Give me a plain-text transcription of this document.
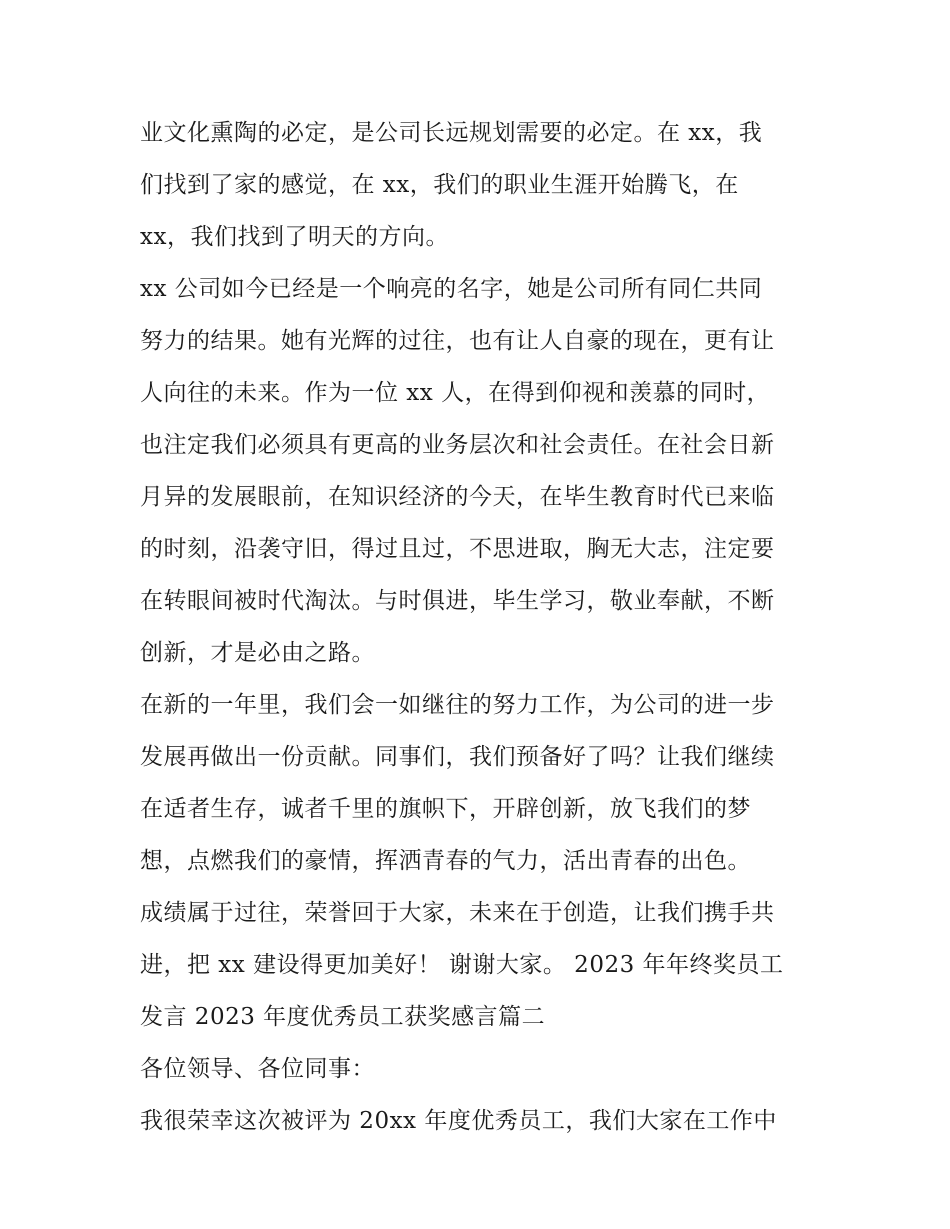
业文化熏陶的必定，是公司长远规划需要的必定。在 xx，我
们找到了家的感觉，在 xx，我们的职业生涯开始腾飞，在
xx，我们找到了明天的方向。
xx 公司如今已经是一个响亮的名字，她是公司所有同仁共同
努力的结果。她有光辉的过往，也有让人自豪的现在，更有让
人向往的未来。作为一位 xx 人，在得到仰视和羡慕的同时，
也注定我们必须具有更高的业务层次和社会责任。在社会日新
月异的发展眼前，在知识经济的今天，在毕生教育时代已来临
的时刻，沿袭守旧，得过且过，不思进取，胸无大志，注定要
在转眼间被时代淘汰。与时俱进，毕生学习，敬业奉献，不断
创新，才是必由之路。
在新的一年里，我们会一如继往的努力工作，为公司的进一步
发展再做出一份贡献。同事们，我们预备好了吗？让我们继续
在适者生存，诚者千里的旗帜下，开辟创新，放飞我们的梦
想，点燃我们的豪情，挥洒青春的气力，活出青春的出色。
成绩属于过往，荣誉回于大家，未来在于创造，让我们携手共
进，把 xx 建设得更加美好！ 谢谢大家。 2023 年年终奖员工
发言 2023 年度优秀员工获奖感言篇二
各位领导、各位同事：
我很荣幸这次被评为 20xx 年度优秀员工，我们大家在工作中
